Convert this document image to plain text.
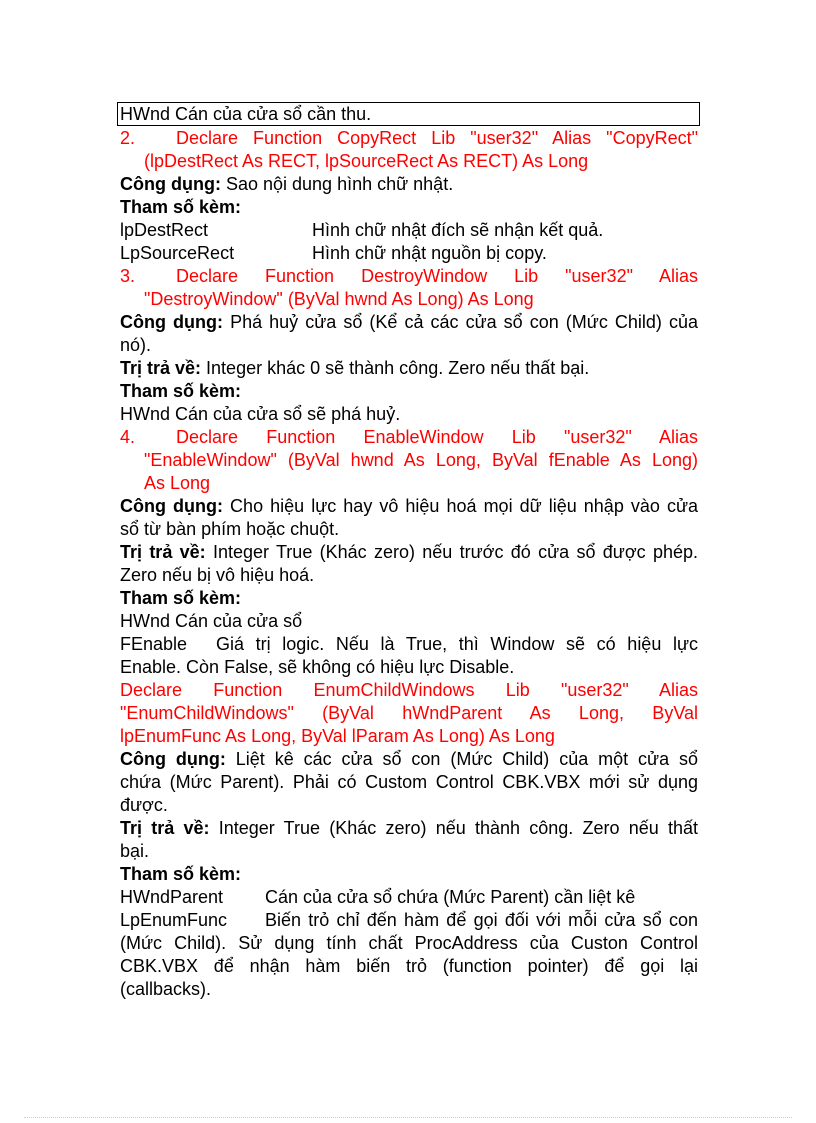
HWnd Cán của cửa sổ cần thu.
2. Declare Function CopyRect Lib "user32" Alias "CopyRect"
(lpDestRect As RECT, lpSourceRect As RECT) As Long
Công dụng: Sao nội dung hình chữ nhật.
Tham số kèm:
lpDestRect	Hình chữ nhật đích sẽ nhận kết quả.
LpSourceRect	Hình chữ nhật nguồn bị copy.
3. Declare Function DestroyWindow Lib "user32" Alias
"DestroyWindow" (ByVal hwnd As Long) As Long
Công dụng: Phá huỷ cửa sổ (Kể cả các cửa sổ con (Mức Child) của
nó).
Trị trả về: Integer khác 0 sẽ thành công. Zero nếu thất bại.
Tham số kèm:
HWnd Cán của cửa sổ sẽ phá huỷ.
4. Declare Function EnableWindow Lib "user32" Alias
"EnableWindow" (ByVal hwnd As Long, ByVal fEnable As Long)
As Long
Công dụng: Cho hiệu lực hay vô hiệu hoá mọi dữ liệu nhập vào cửa
sổ từ bàn phím hoặc chuột.
Trị trả về: Integer True (Khác zero) nếu trước đó cửa sổ được phép.
Zero nếu bị vô hiệu hoá.
Tham số kèm:
HWnd Cán của cửa sổ
FEnable Giá trị logic. Nếu là True, thì Window sẽ có hiệu lực
Enable. Còn False, sẽ không có hiệu lực Disable.
Declare Function EnumChildWindows Lib "user32" Alias
"EnumChildWindows" (ByVal hWndParent As Long, ByVal
lpEnumFunc As Long, ByVal lParam As Long) As Long
Công dụng: Liệt kê các cửa sổ con (Mức Child) của một cửa sổ
chứa (Mức Parent). Phải có Custom Control CBK.VBX mới sử dụng
được.
Trị trả về: Integer True (Khác zero) nếu thành công. Zero nếu thất
bại.
Tham số kèm:
HWndParent Cán của cửa sổ chứa (Mức Parent) cần liệt kê
LpEnumFunc Biến trỏ chỉ đến hàm để gọi đối với mỗi cửa sổ con
(Mức Child). Sử dụng tính chất ProcAddress của Custon Control
CBK.VBX để nhận hàm biến trỏ (function pointer) để gọi lại
(callbacks).
